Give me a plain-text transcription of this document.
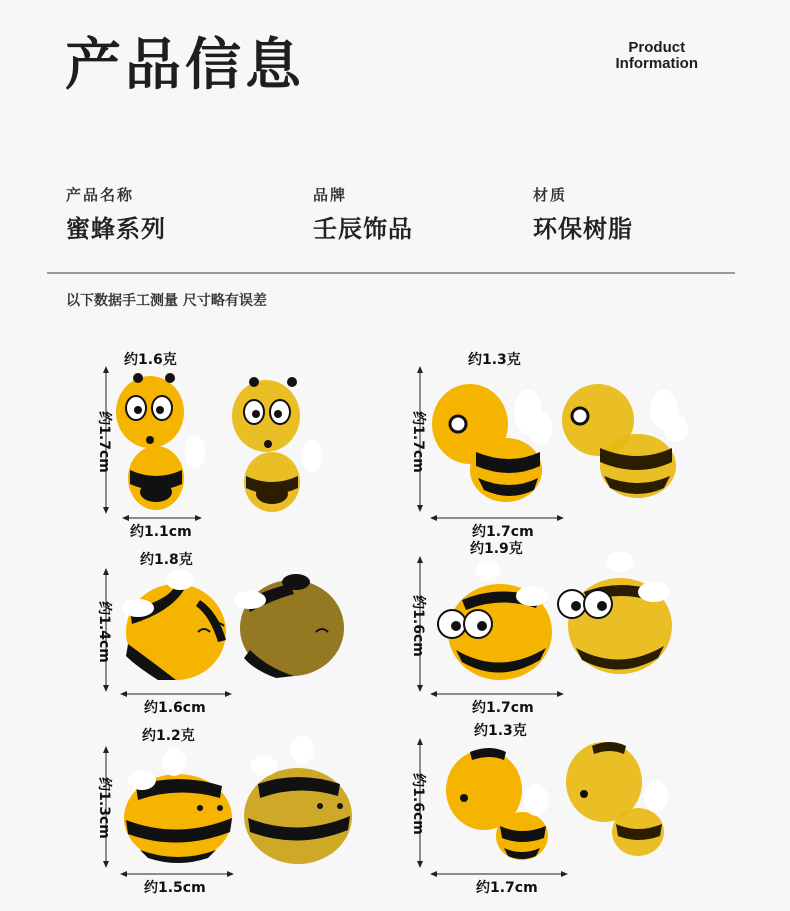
产品信息	Product
Information
产品名称
蜜蜂系列
品牌
壬辰饰品
材质
环保树脂
以下数据手工测量 尺寸略有误差
约1.6克
约1.7cm
约1.1cm
约1.3克
约1.7cm
约1.7cm
约1.8克
约1.4cm
约1.6cm
约1.9克
约1.6cm
约1.7cm
约1.2克
约1.3cm
约1.5cm
约1.3克
约1.6cm
约1.7cm
